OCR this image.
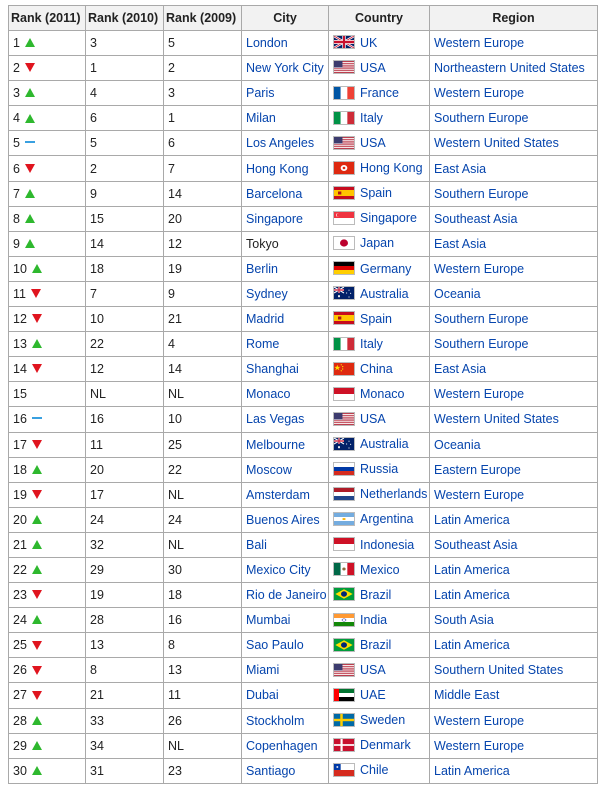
Rank (2011)	Rank (2010)	Rank (2009)	City	Country	Region
1	3	5	London	UK	Western Europe
2	1	2	New York City	USA	Northeastern United States
3	4	3	Paris	France	Western Europe
4	6	1	Milan	Italy	Southern Europe
5	5	6	Los Angeles	USA	Western United States
6	2	7	Hong Kong	Hong Kong	East Asia
7	9	14	Barcelona	Spain	Southern Europe
8	15	20	Singapore	Singapore	Southeast Asia
9	14	12	Tokyo	Japan	East Asia
10	18	19	Berlin	Germany	Western Europe
11	7	9	Sydney	Australia	Oceania
12	10	21	Madrid	Spain	Southern Europe
13	22	4	Rome	Italy	Southern Europe
14	12	14	Shanghai	China	East Asia
15	NL	NL	Monaco	Monaco	Western Europe
16	16	10	Las Vegas	USA	Western United States
17	11	25	Melbourne	Australia	Oceania
18	20	22	Moscow	Russia	Eastern Europe
19	17	NL	Amsterdam	Netherlands	Western Europe
20	24	24	Buenos Aires	Argentina	Latin America
21	32	NL	Bali	Indonesia	Southeast Asia
22	29	30	Mexico City	Mexico	Latin America
23	19	18	Rio de Janeiro	Brazil	Latin America
24	28	16	Mumbai	India	South Asia
25	13	8	Sao Paulo	Brazil	Latin America
26	8	13	Miami	USA	Southern United States
27	21	11	Dubai	UAE	Middle East
28	33	26	Stockholm	Sweden	Western Europe
29	34	NL	Copenhagen	Denmark	Western Europe
30	31	23	Santiago	Chile	Latin America
